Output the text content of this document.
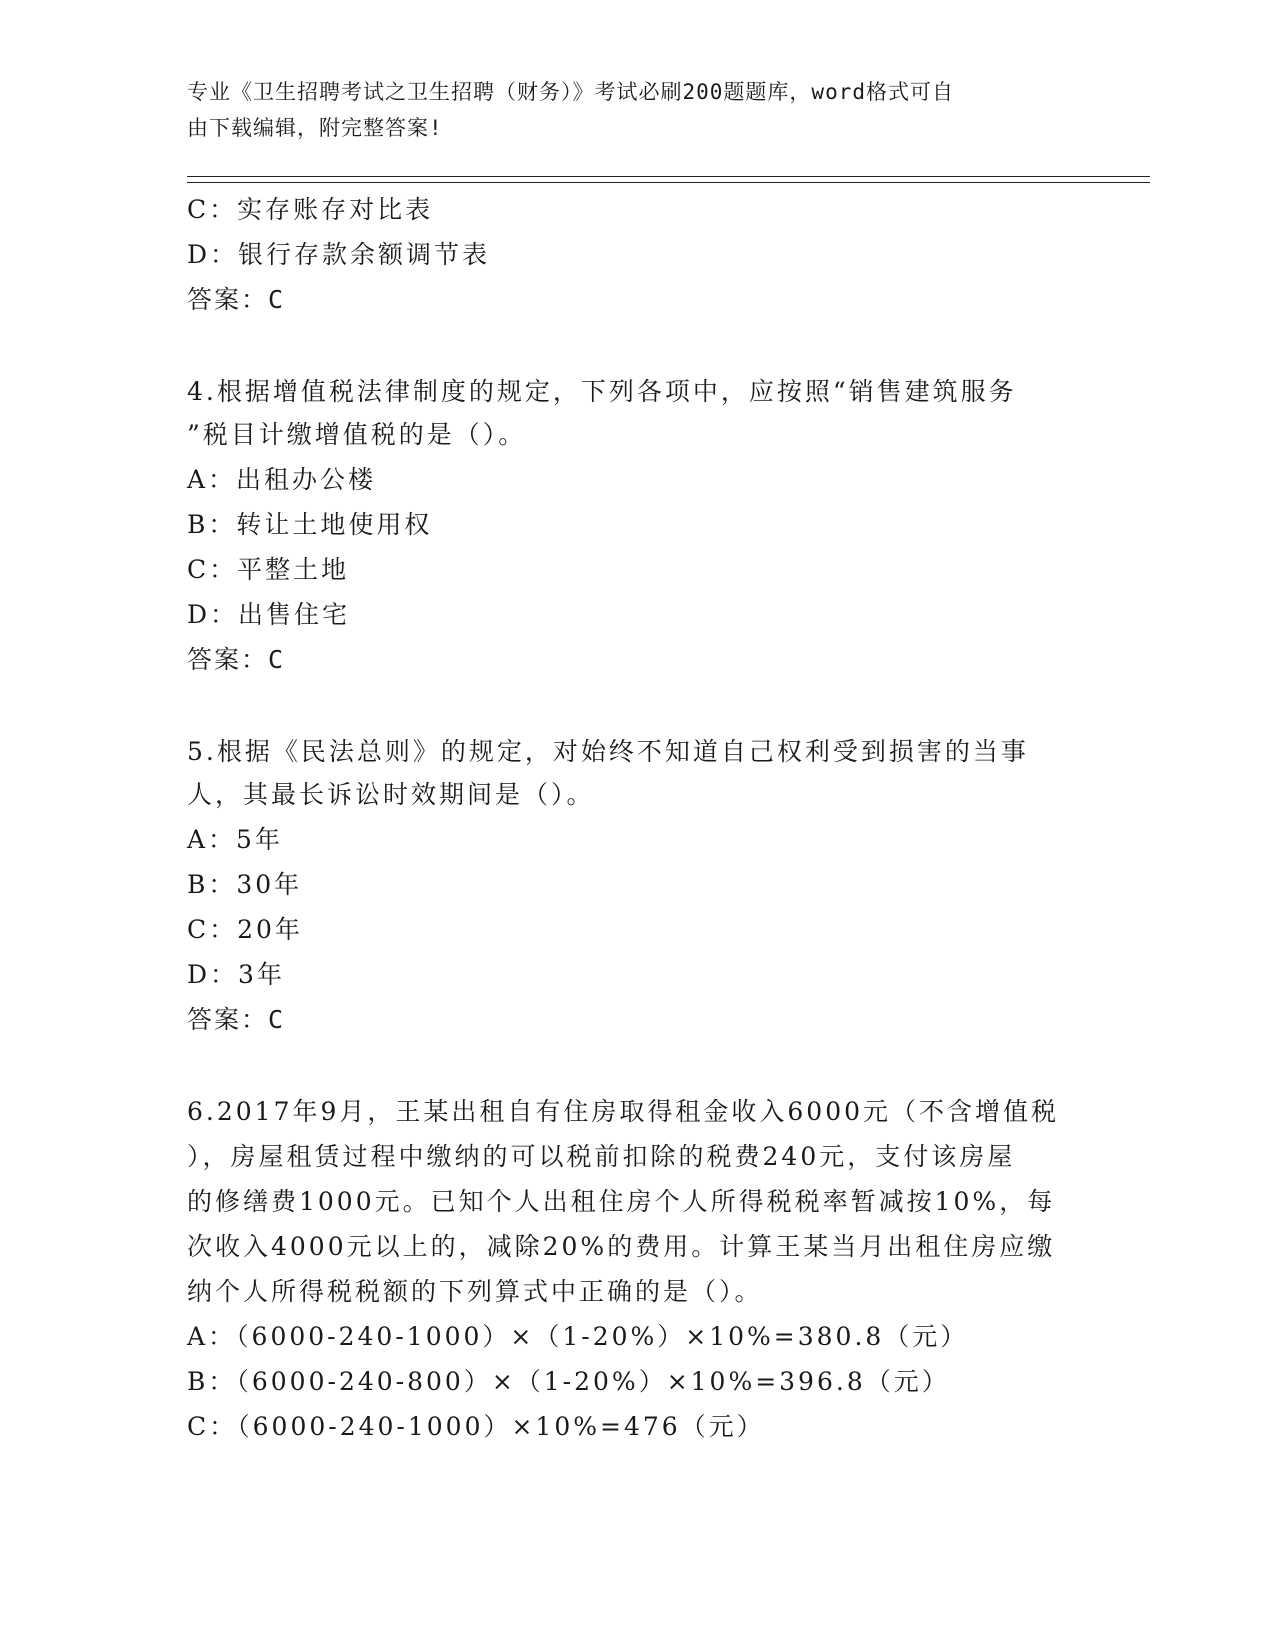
专业《卫生招聘考试之卫生招聘（财务）》考试必刷200题题库，word格式可自
由下载编辑，附完整答案!
C：实存账存对比表
D：银行存款余额调节表
答案：C
4.根据增值税法律制度的规定，下列各项中，应按照“销售建筑服务
”税目计缴增值税的是（）。
A：出租办公楼
B：转让土地使用权
C：平整土地
D：出售住宅
答案：C
5.根据《民法总则》的规定，对始终不知道自己权利受到损害的当事
人，其最长诉讼时效期间是（）。
A：5年
B：30年
C：20年
D：3年
答案：C
6.2017年9月，王某出租自有住房取得租金收入6000元（不含增值税
），房屋租赁过程中缴纳的可以税前扣除的税费240元，支付该房屋
的修缮费1000元。已知个人出租住房个人所得税税率暂减按10%，每
次收入4000元以上的，减除20%的费用。计算王某当月出租住房应缴
纳个人所得税税额的下列算式中正确的是（）。
A：（6000-240-1000）×（1-20%）×10%=380.8（元）
B：（6000-240-800）×（1-20%）×10%=396.8（元）
C：（6000-240-1000）×10%=476（元）
